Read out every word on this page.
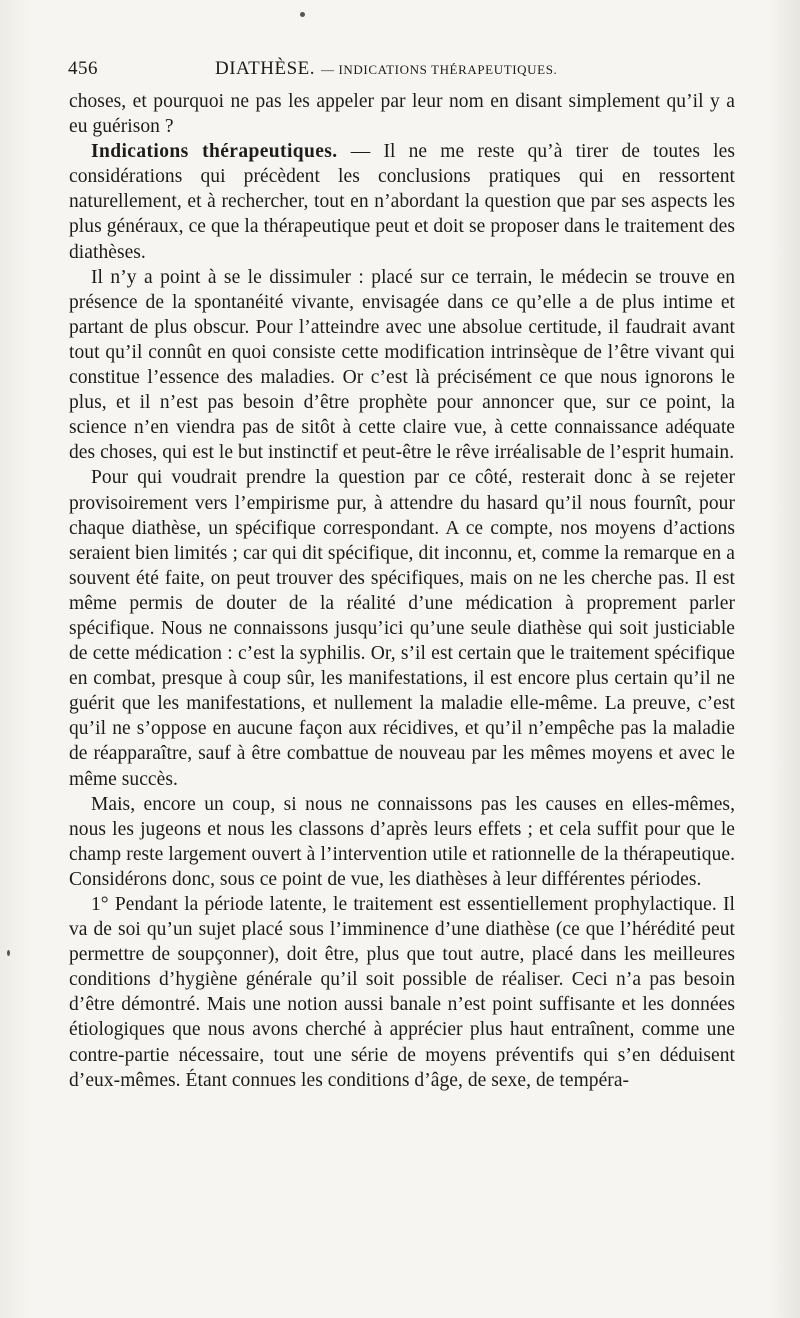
456	DIATHÈSE. — INDICATIONS THÉRAPEUTIQUES.

choses, et pourquoi ne pas les appeler par leur nom en disant simplement qu’il y a eu guérison ?

Indications thérapeutiques. — Il ne me reste qu’à tirer de toutes les considérations qui précèdent les conclusions pratiques qui en ressortent naturellement, et à rechercher, tout en n’abordant la question que par ses aspects les plus généraux, ce que la thérapeutique peut et doit se proposer dans le traitement des diathèses.

Il n’y a point à se le dissimuler : placé sur ce terrain, le médecin se trouve en présence de la spontanéité vivante, envisagée dans ce qu’elle a de plus intime et partant de plus obscur. Pour l’atteindre avec une absolue certitude, il faudrait avant tout qu’il connût en quoi consiste cette modification intrinsèque de l’être vivant qui constitue l’essence des maladies. Or c’est là précisément ce que nous ignorons le plus, et il n’est pas besoin d’être prophète pour annoncer que, sur ce point, la science n’en viendra pas de sitôt à cette claire vue, à cette connaissance adéquate des choses, qui est le but instinctif et peut-être le rêve irréalisable de l’esprit humain.

Pour qui voudrait prendre la question par ce côté, resterait donc à se rejeter provisoirement vers l’empirisme pur, à attendre du hasard qu’il nous fournît, pour chaque diathèse, un spécifique correspondant. A ce compte, nos moyens d’actions seraient bien limités ; car qui dit spécifique, dit inconnu, et, comme la remarque en a souvent été faite, on peut trouver des spécifiques, mais on ne les cherche pas. Il est même permis de douter de la réalité d’une médication à proprement parler spécifique. Nous ne connaissons jusqu’ici qu’une seule diathèse qui soit justiciable de cette médication : c’est la syphilis. Or, s’il est certain que le traitement spécifique en combat, presque à coup sûr, les manifestations, il est encore plus certain qu’il ne guérit que les manifestations, et nullement la maladie elle-même. La preuve, c’est qu’il ne s’oppose en aucune façon aux récidives, et qu’il n’empêche pas la maladie de réapparaître, sauf à être combattue de nouveau par les mêmes moyens et avec le même succès.

Mais, encore un coup, si nous ne connaissons pas les causes en elles-mêmes, nous les jugeons et nous les classons d’après leurs effets ; et cela suffit pour que le champ reste largement ouvert à l’intervention utile et rationnelle de la thérapeutique. Considérons donc, sous ce point de vue, les diathèses à leur différentes périodes.

1° Pendant la période latente, le traitement est essentiellement prophylactique. Il va de soi qu’un sujet placé sous l’imminence d’une diathèse (ce que l’hérédité peut permettre de soupçonner), doit être, plus que tout autre, placé dans les meilleures conditions d’hygiène générale qu’il soit possible de réaliser. Ceci n’a pas besoin d’être démontré. Mais une notion aussi banale n’est point suffisante et les données étiologiques que nous avons cherché à apprécier plus haut entraînent, comme une contre-partie nécessaire, tout une série de moyens préventifs qui s’en déduisent d’eux-mêmes. Étant connues les conditions d’âge, de sexe, de tempéra-
